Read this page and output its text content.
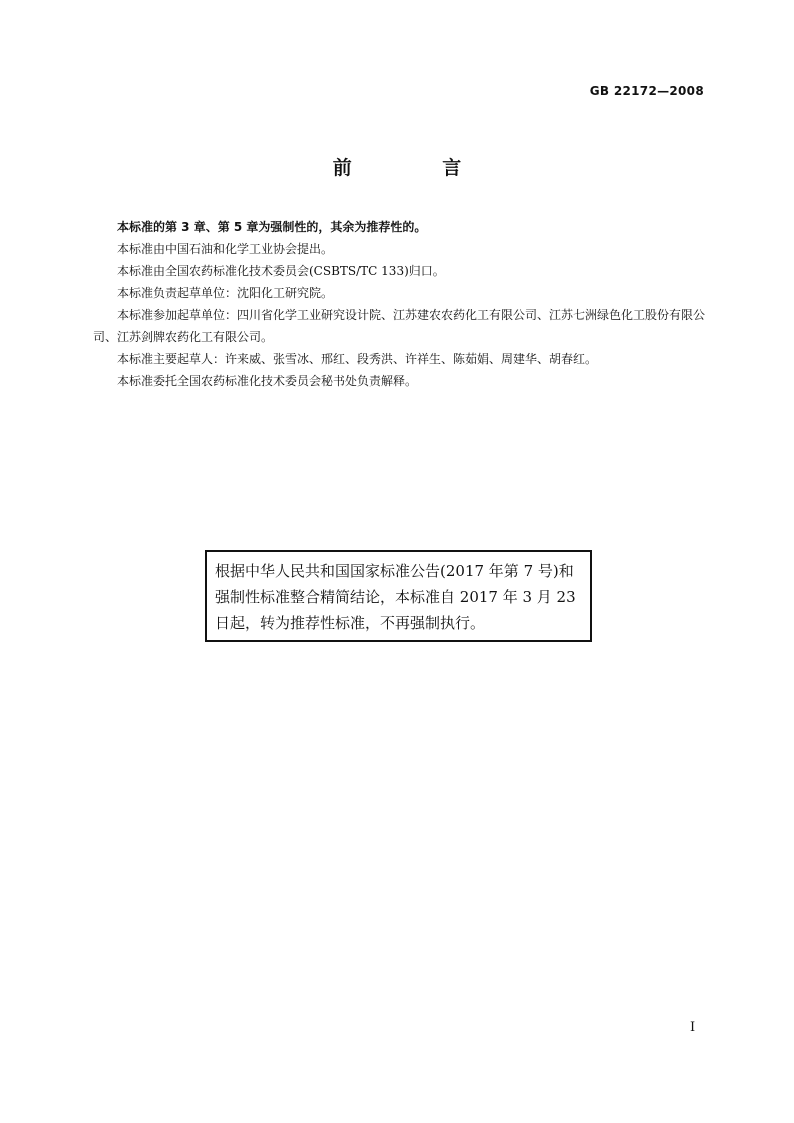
GB 22172—2008
前 言

本标准的第 3 章、第 5 章为强制性的，其余为推荐性的。

本标准由中国石油和化学工业协会提出。

本标准由全国农药标准化技术委员会(CSBTS/TC 133)归口。

本标准负责起草单位：沈阳化工研究院。

本标准参加起草单位：四川省化学工业研究设计院、江苏建农农药化工有限公司、江苏七洲绿色化工股份有限公司、江苏剑牌农药化工有限公司。

本标准主要起草人：许来威、张雪冰、邢红、段秀洪、许祥生、陈茹娟、周建华、胡春红。

本标准委托全国农药标准化技术委员会秘书处负责解释。

根据中华人民共和国国家标准公告(2017 年第 7 号)和强制性标准整合精简结论，本标准自 2017 年 3 月 23 日起，转为推荐性标准，不再强制执行。
I
